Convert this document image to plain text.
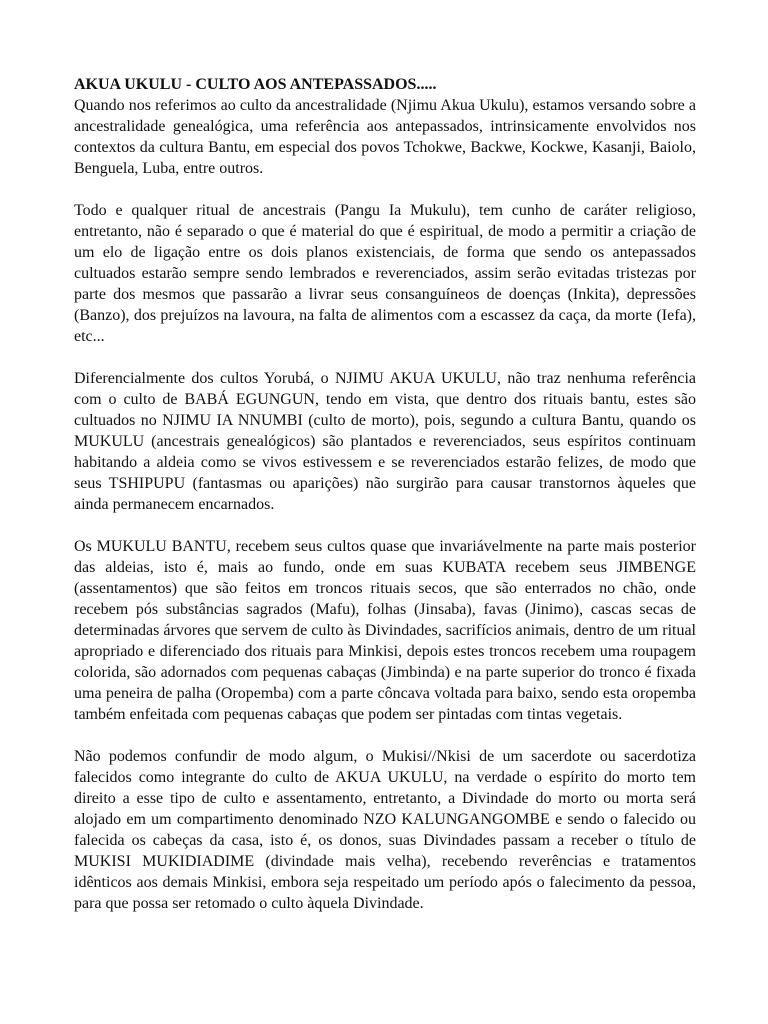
AKUA UKULU - CULTO AOS ANTEPASSADOS.....

Quando nos referimos ao culto da ancestralidade (Njimu Akua Ukulu), estamos versando sobre a ancestralidade genealógica, uma referência aos antepassados, intrinsicamente envolvidos nos contextos da cultura Bantu, em especial dos povos Tchokwe, Backwe, Kockwe, Kasanji, Baiolo, Benguela, Luba, entre outros.

Todo e qualquer ritual de ancestrais (Pangu Ia Mukulu), tem cunho de caráter religioso, entretanto, não é separado o que é material do que é espiritual, de modo a permitir a criação de um elo de ligação entre os dois planos existenciais, de forma que sendo os antepassados cultuados estarão sempre sendo lembrados e reverenciados, assim serão evitadas tristezas por parte dos mesmos que passarão a livrar seus consanguíneos de doenças (Inkita), depressões (Banzo), dos prejuízos na lavoura, na falta de alimentos com a escassez da caça, da morte (Iefa), etc...

Diferencialmente dos cultos Yorubá, o NJIMU AKUA UKULU, não traz nenhuma referência com o culto de BABÁ EGUNGUN, tendo em vista, que dentro dos rituais bantu, estes são cultuados no NJIMU IA NNUMBI (culto de morto), pois, segundo a cultura Bantu, quando os MUKULU (ancestrais genealógicos) são plantados e reverenciados, seus espíritos continuam habitando a aldeia como se vivos estivessem e se reverenciados estarão felizes, de modo que seus TSHIPUPU (fantasmas ou aparições) não surgirão para causar transtornos àqueles que ainda permanecem encarnados.

Os MUKULU BANTU, recebem seus cultos quase que invariávelmente na parte mais posterior das aldeias, isto é, mais ao fundo, onde em suas KUBATA recebem seus JIMBENGE (assentamentos) que são feitos em troncos rituais secos, que são enterrados no chão, onde recebem pós substâncias sagrados (Mafu), folhas (Jinsaba), favas (Jinimo), cascas secas de determinadas árvores que servem de culto às Divindades, sacrifícios animais, dentro de um ritual apropriado e diferenciado dos rituais para Minkisi, depois estes troncos recebem uma roupagem colorida, são adornados com pequenas cabaças (Jimbinda) e na parte superior do tronco é fixada uma peneira de palha (Oropemba) com a parte côncava voltada para baixo, sendo esta oropemba também enfeitada com pequenas cabaças que podem ser pintadas com tintas vegetais.

Não podemos confundir de modo algum, o Mukisi//Nkisi de um sacerdote ou sacerdotiza falecidos como integrante do culto de AKUA UKULU, na verdade o espírito do morto tem direito a esse tipo de culto e assentamento, entretanto, a Divindade do morto ou morta será alojado em um compartimento denominado NZO KALUNGANGOMBE e sendo o falecido ou falecida os cabeças da casa, isto é, os donos, suas Divindades passam a receber o título de MUKISI MUKIDIADIME (divindade mais velha), recebendo reverências e tratamentos idênticos aos demais Minkisi, embora seja respeitado um período após o falecimento da pessoa, para que possa ser retomado o culto àquela Divindade.
